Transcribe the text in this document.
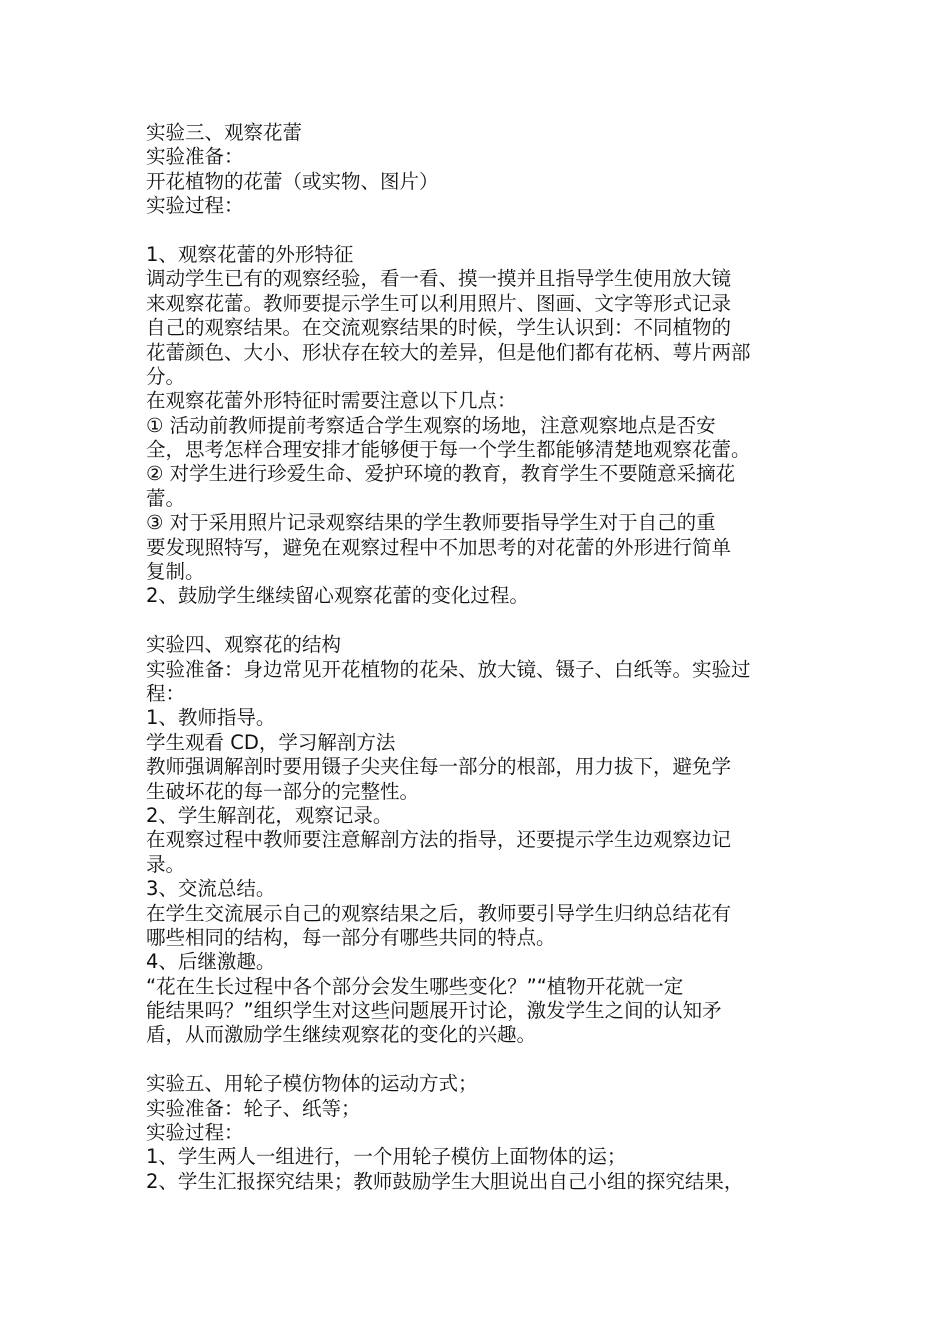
实验三、观察花蕾
实验准备：
开花植物的花蕾（或实物、图片）
实验过程：
1、观察花蕾的外形特征
调动学生已有的观察经验，看一看、摸一摸并且指导学生使用放大镜
来观察花蕾。教师要提示学生可以利用照片、图画、文字等形式记录
自己的观察结果。在交流观察结果的时候，学生认识到：不同植物的
花蕾颜色、大小、形状存在较大的差异，但是他们都有花柄、萼片两部
分。
在观察花蕾外形特征时需要注意以下几点：
① 活动前教师提前考察适合学生观察的场地，注意观察地点是否安
全，思考怎样合理安排才能够便于每一个学生都能够清楚地观察花蕾。
② 对学生进行珍爱生命、爱护环境的教育，教育学生不要随意采摘花
蕾。
③ 对于采用照片记录观察结果的学生教师要指导学生对于自己的重
要发现照特写，避免在观察过程中不加思考的对花蕾的外形进行简单
复制。
2、鼓励学生继续留心观察花蕾的变化过程。
实验四、观察花的结构
实验准备：身边常见开花植物的花朵、放大镜、镊子、白纸等。实验过
程：
1、教师指导。
学生观看 CD，学习解剖方法
教师强调解剖时要用镊子尖夹住每一部分的根部，用力拔下，避免学
生破坏花的每一部分的完整性。
2、学生解剖花，观察记录。
在观察过程中教师要注意解剖方法的指导，还要提示学生边观察边记
录。
3、交流总结。
在学生交流展示自己的观察结果之后，教师要引导学生归纳总结花有
哪些相同的结构，每一部分有哪些共同的特点。
4、后继激趣。
“花在生长过程中各个部分会发生哪些变化？”“植物开花就一定
能结果吗？”组织学生对这些问题展开讨论，激发学生之间的认知矛
盾，从而激励学生继续观察花的变化的兴趣。
实验五、用轮子模仿物体的运动方式；
实验准备：轮子、纸等；
实验过程：
1、学生两人一组进行，一个用轮子模仿上面物体的运；
2、学生汇报探究结果；教师鼓励学生大胆说出自己小组的探究结果，
